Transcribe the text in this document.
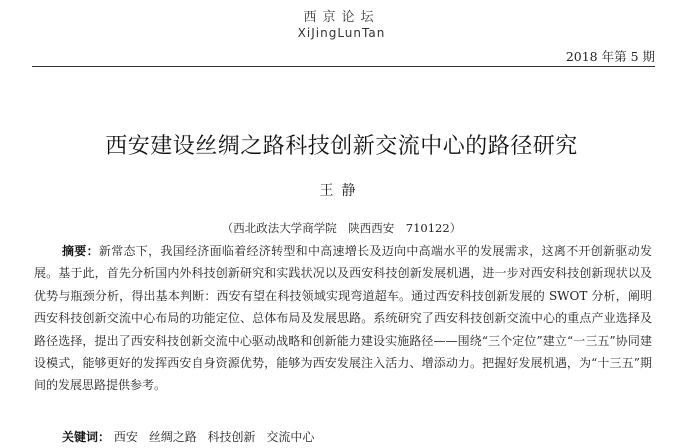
西京论坛
XiJingLunTan
2018 年第 5 期
西安建设丝绸之路科技创新交流中心的路径研究
王静
（西北政法大学商学院　陕西西安　710122）
摘要：新常态下，我国经济面临着经济转型和中高速增长及迈向中高端水平的发展需求，这离不开创新驱动发展。基于此，首先分析国内外科技创新研究和实践状况以及西安科技创新发展机遇，进一步对西安科技创新现状以及优势与瓶颈分析，得出基本判断：西安有望在科技领域实现弯道超车。通过西安科技创新发展的 SWOT 分析，阐明西安科技创新交流中心布局的功能定位、总体布局及发展思路。系统研究了西安科技创新交流中心的重点产业选择及路径选择，提出了西安科技创新交流中心驱动战略和创新能力建设实施路径——围绕“三个定位”建立“一三五”协同建设模式，能够更好的发挥西安自身资源优势，能够为西安发展注入活力、增添动力。把握好发展机遇，为“十三五”期间的发展思路提供参考。
关键词： 西安 丝绸之路 科技创新 交流中心
